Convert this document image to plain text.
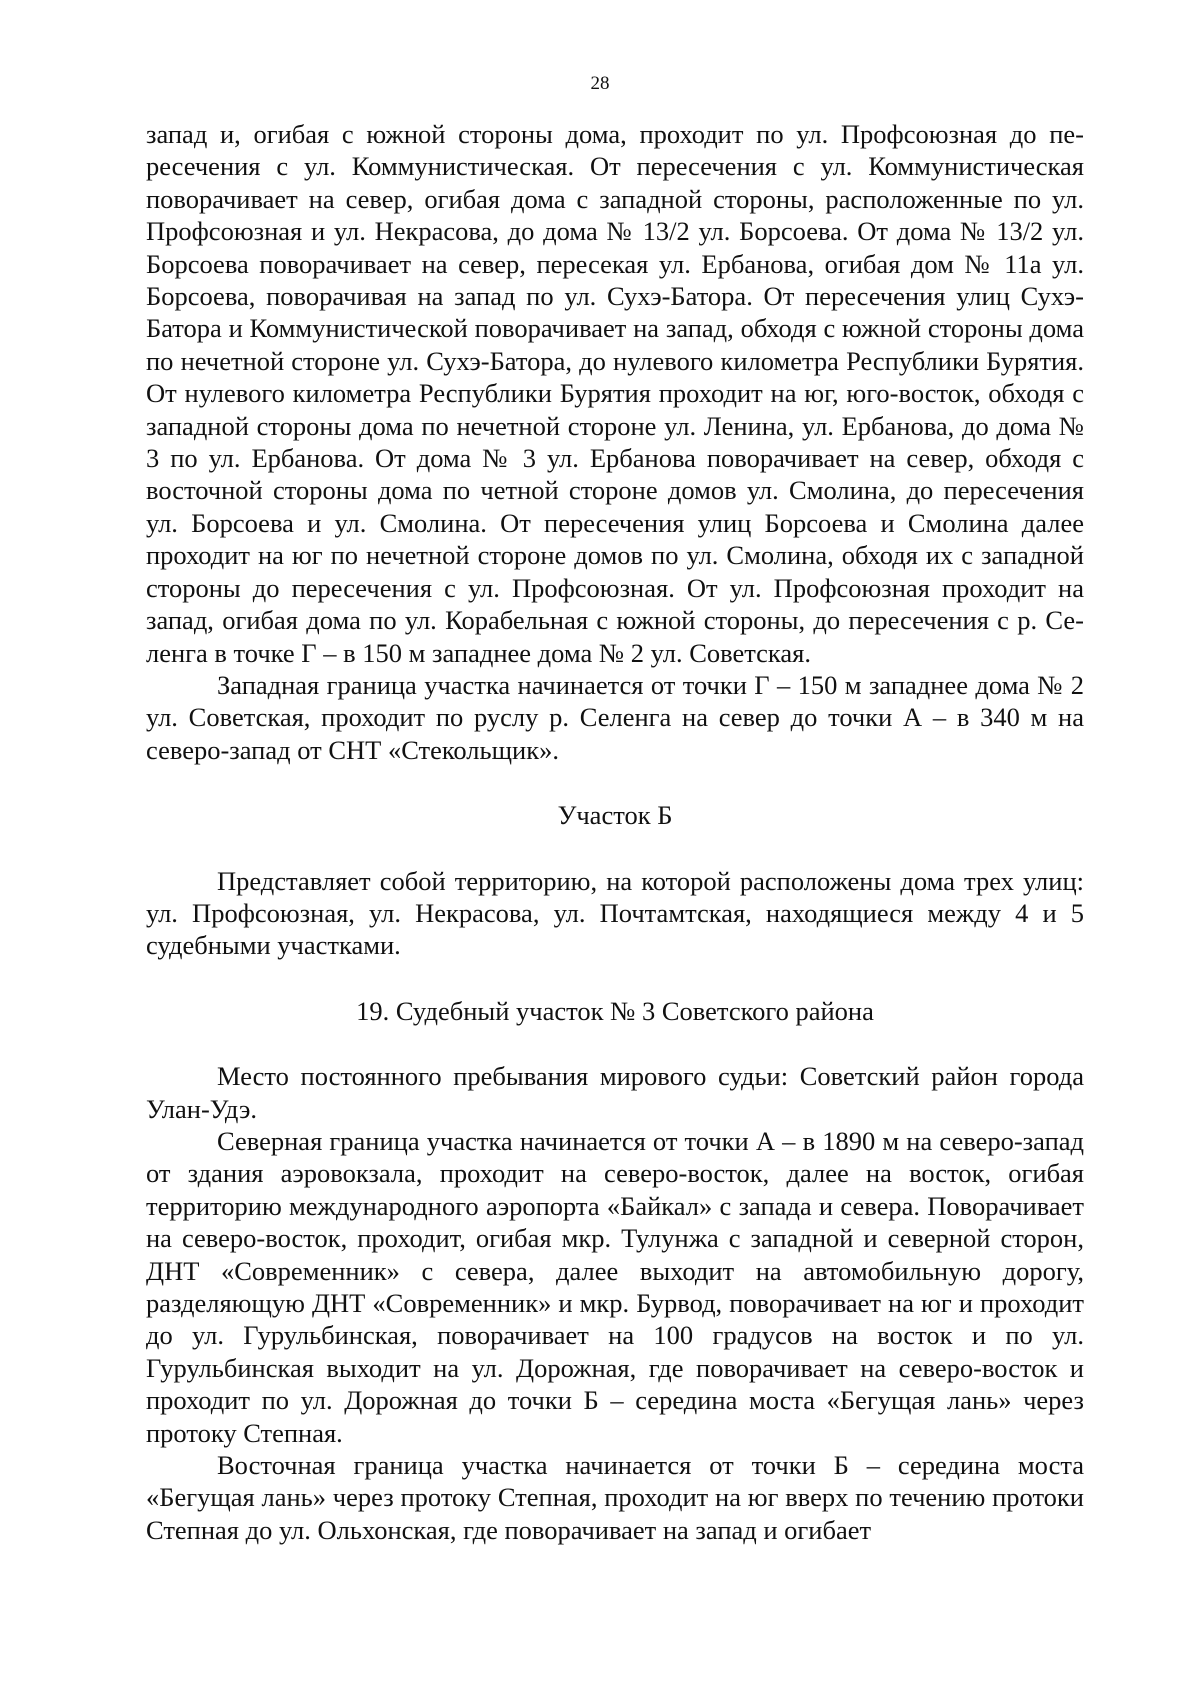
28

запад и, огибая с южной стороны дома, проходит по ул. Профсоюзная до пересечения с ул. Коммунистическая. От пересечения с ул. Коммунистическая поворачивает на север, огибая дома с западной стороны, расположенные по ул. Профсоюзная и ул. Некрасова, до дома № 13/2 ул. Борсоева. От дома № 13/2 ул. Борсоева поворачивает на север, пересекая ул. Ербанова, огибая дом № 11а ул. Борсоева, поворачивая на запад по ул. Сухэ-Батора. От пересечения улиц Сухэ-Батора и Коммунистической поворачивает на запад, обходя с южной стороны дома по нечетной стороне ул. Сухэ-Батора, до нулевого километра Республики Бурятия. От нулевого километра Республики Бурятия проходит на юг, юго-восток, обходя с западной стороны дома по нечетной стороне ул. Ленина, ул. Ербанова, до дома № 3 по ул. Ербанова. От дома № 3 ул. Ербанова поворачивает на север, обходя с восточной стороны дома по четной стороне домов ул. Смолина, до пересечения ул. Борсоева и ул. Смолина. От пересечения улиц Борсоева и Смолина далее проходит на юг по нечетной стороне домов по ул. Смолина, обходя их с западной стороны до пересечения с ул. Профсоюзная. От ул. Профсоюзная проходит на запад, огибая дома по ул. Корабельная с южной стороны, до пересечения с р. Селенга в точке Г – в 150 м западнее дома № 2 ул. Советская.

Западная граница участка начинается от точки Г – 150 м западнее дома № 2 ул. Советская, проходит по руслу р. Селенга на север до точки А – в 340 м на северо-запад от СНТ «Стекольщик».

Участок Б

Представляет собой территорию, на которой расположены дома трех улиц: ул. Профсоюзная, ул. Некрасова, ул. Почтамтская, находящиеся между 4 и 5 судебными участками.

19. Судебный участок № 3 Советского района

Место постоянного пребывания мирового судьи: Советский район города Улан-Удэ.

Северная граница участка начинается от точки А – в 1890 м на северо-запад от здания аэровокзала, проходит на северо-восток, далее на восток, огибая территорию международного аэропорта «Байкал» с запада и севера. Поворачивает на северо-восток, проходит, огибая мкр. Тулунжа с западной и северной сторон, ДНТ «Современник» с севера, далее выходит на автомобильную дорогу, разделяющую ДНТ «Современник» и мкр. Бурвод, поворачивает на юг и проходит до ул. Гурульбинская, поворачивает на 100 градусов на восток и по ул. Гурульбинская выходит на ул. Дорожная, где поворачивает на северо-восток и проходит по ул. Дорожная до точки Б – середина моста «Бегущая лань» через протоку Степная.

Восточная граница участка начинается от точки Б – середина моста «Бегущая лань» через протоку Степная, проходит на юг вверх по течению протоки Степная до ул. Ольхонская, где поворачивает на запад и огибает
